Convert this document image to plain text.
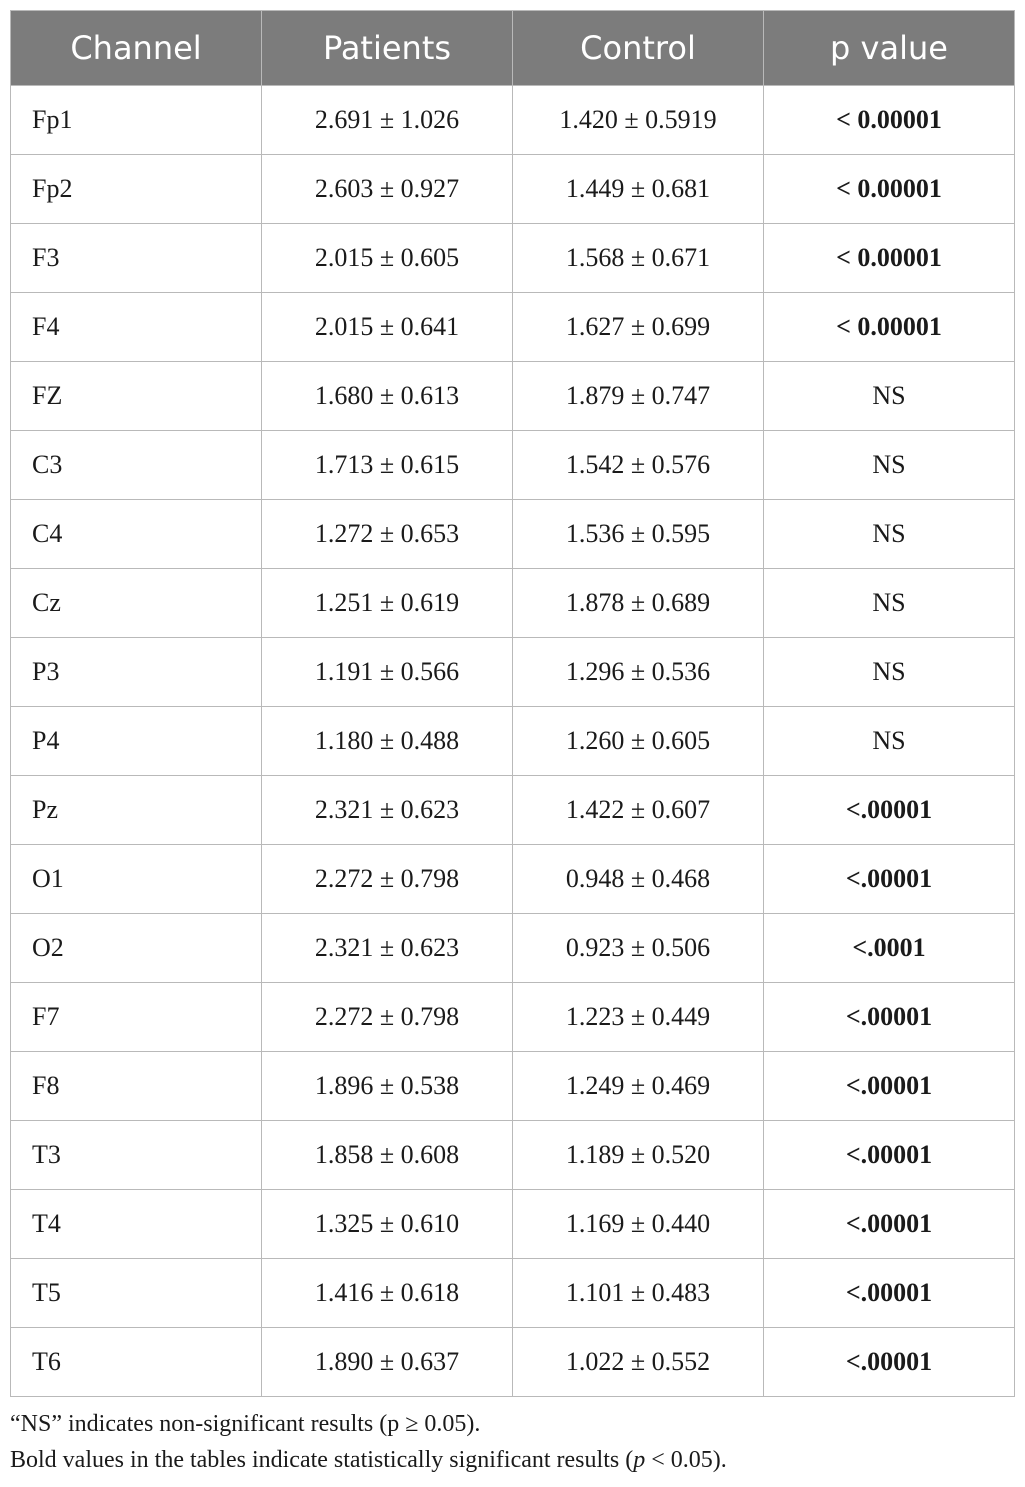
Channel	Patients	Control	p value
Fp1	2.691 ± 1.026	1.420 ± 0.5919	< 0.00001
Fp2	2.603 ± 0.927	1.449 ± 0.681	< 0.00001
F3	2.015 ± 0.605	1.568 ± 0.671	< 0.00001
F4	2.015 ± 0.641	1.627 ± 0.699	< 0.00001
FZ	1.680 ± 0.613	1.879 ± 0.747	NS
C3	1.713 ± 0.615	1.542 ± 0.576	NS
C4	1.272 ± 0.653	1.536 ± 0.595	NS
Cz	1.251 ± 0.619	1.878 ± 0.689	NS
P3	1.191 ± 0.566	1.296 ± 0.536	NS
P4	1.180 ± 0.488	1.260 ± 0.605	NS
Pz	2.321 ± 0.623	1.422 ± 0.607	<.00001
O1	2.272 ± 0.798	0.948 ± 0.468	<.00001
O2	2.321 ± 0.623	0.923 ± 0.506	<.0001
F7	2.272 ± 0.798	1.223 ± 0.449	<.00001
F8	1.896 ± 0.538	1.249 ± 0.469	<.00001
T3	1.858 ± 0.608	1.189 ± 0.520	<.00001
T4	1.325 ± 0.610	1.169 ± 0.440	<.00001
T5	1.416 ± 0.618	1.101 ± 0.483	<.00001
T6	1.890 ± 0.637	1.022 ± 0.552	<.00001

“NS” indicates non-significant results (p ≥ 0.05).

Bold values in the tables indicate statistically significant results (p < 0.05).
